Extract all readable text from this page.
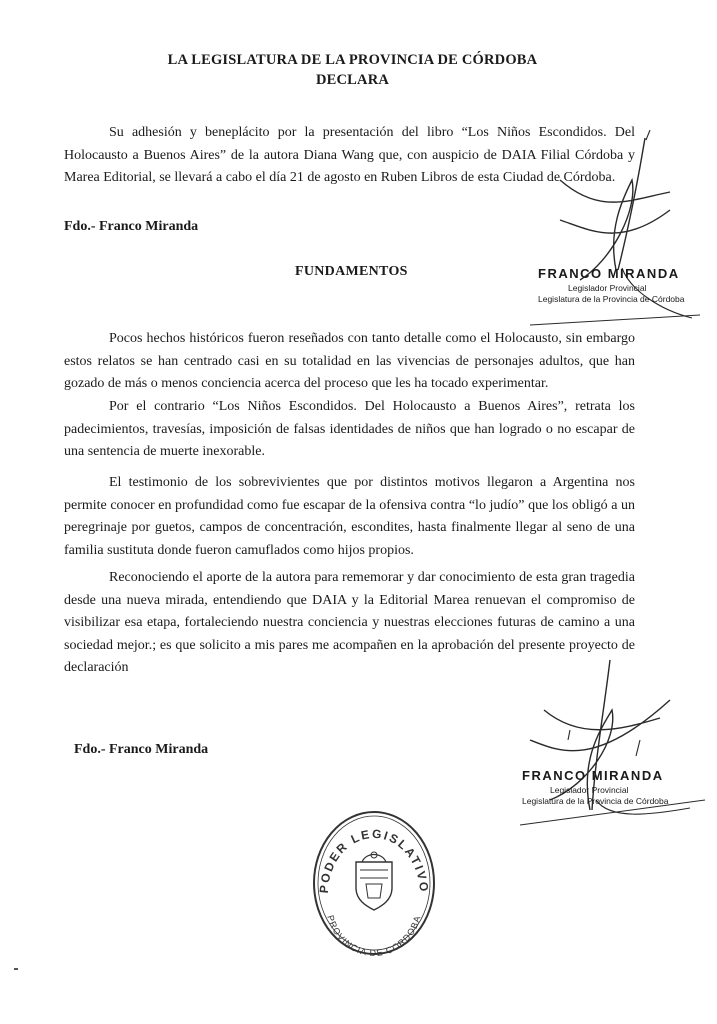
LA LEGISLATURA DE LA PROVINCIA DE CÓRDOBA
DECLARA

Su adhesión y beneplácito por la presentación del libro “Los Niños Escondidos. Del Holocausto a Buenos Aires” de la autora Diana Wang que, con auspicio de DAIA Filial Córdoba y Marea Editorial, se llevará a cabo el día 21 de agosto en Ruben Libros de esta Ciudad de Córdoba.

Fdo.- Franco Miranda
FUNDAMENTOS	FRANCO MIRANDA
Legislador Provincial
Legislatura de la Provincia de Córdoba

Pocos hechos históricos fueron reseñados con tanto detalle como el Holocausto, sin embargo estos relatos se han centrado casi en su totalidad en las vivencias de personajes adultos, que han gozado de más o menos conciencia acerca del proceso que les ha tocado experimentar.

Por el contrario “Los Niños Escondidos. Del Holocausto a Buenos Aires”, retrata los padecimientos, travesías, imposición de falsas identidades de niños que han logrado o no escapar de una sentencia de muerte inexorable.

El testimonio de los sobrevivientes que por distintos motivos llegaron a Argentina nos permite conocer en profundidad como fue escapar de la ofensiva contra “lo judío” que los obligó a un peregrinaje por guetos, campos de concentración, escondites, hasta finalmente llegar al seno de una familia sustituta donde fueron camuflados como hijos propios.

Reconociendo el aporte de la autora para rememorar y dar conocimiento de esta gran tragedia desde una nueva mirada, entendiendo que DAIA y la Editorial Marea renuevan el compromiso de visibilizar esa etapa, fortaleciendo nuestra conciencia y nuestras elecciones futuras de camino a una sociedad mejor.; es que solicito a mis pares me acompañen en la aprobación del presente proyecto de declaración

Fdo.- Franco Miranda
FRANCO MIRANDA
Legislador Provincial
Legislatura de la Provincia de Córdoba
PODER LEGISLATIVO
PROVINCIA DE CORDOBA
